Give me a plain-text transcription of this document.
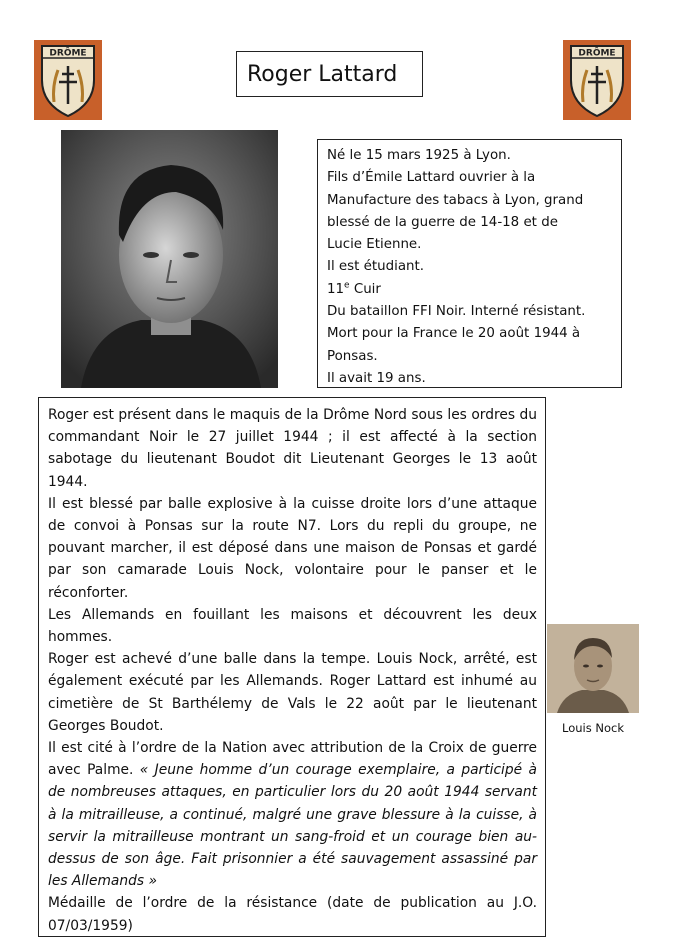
DRÔME
Roger Lattard
DRÔME
Né le 15 mars 1925 à Lyon.
Fils d’Émile Lattard ouvrier à la
Manufacture des tabacs à Lyon, grand
blessé de la guerre de 14-18 et de
Lucie Etienne.
Il est étudiant.
11e Cuir
Du bataillon FFI Noir. Interné résistant.
Mort pour la France le 20 août 1944 à
Ponsas.
Il avait 19 ans.

Roger est présent dans le maquis de la Drôme Nord sous les ordres du commandant Noir le 27 juillet 1944 ; il est affecté à la section sabotage du lieutenant Boudot dit Lieutenant Georges le 13 août 1944.

Il est blessé par balle explosive à la cuisse droite lors d’une attaque de convoi à Ponsas sur la route N7. Lors du repli du groupe, ne pouvant marcher, il est déposé dans une maison de Ponsas et gardé par son camarade Louis Nock, volontaire pour le panser et le réconforter.

Les Allemands en fouillant les maisons et découvrent les deux hommes.

Roger est achevé d’une balle dans la tempe. Louis Nock, arrêté, est également exécuté par les Allemands. Roger Lattard est inhumé au cimetière de St Barthélemy de Vals le 22 août par le lieutenant Georges Boudot.

Il est cité à l’ordre de la Nation avec attribution de la Croix de guerre avec Palme. « Jeune homme d’un courage exemplaire, a participé à de nombreuses attaques, en particulier lors du 20 août 1944 servant à la mitrailleuse, a continué, malgré une grave blessure à la cuisse, à servir la mitrailleuse montrant un sang-froid et un courage bien au-dessus de son âge. Fait prisonnier a été sauvagement assassiné par les Allemands »

Médaille de l’ordre de la résistance (date de publication au J.O. 07/03/1959)

Louis Nock
